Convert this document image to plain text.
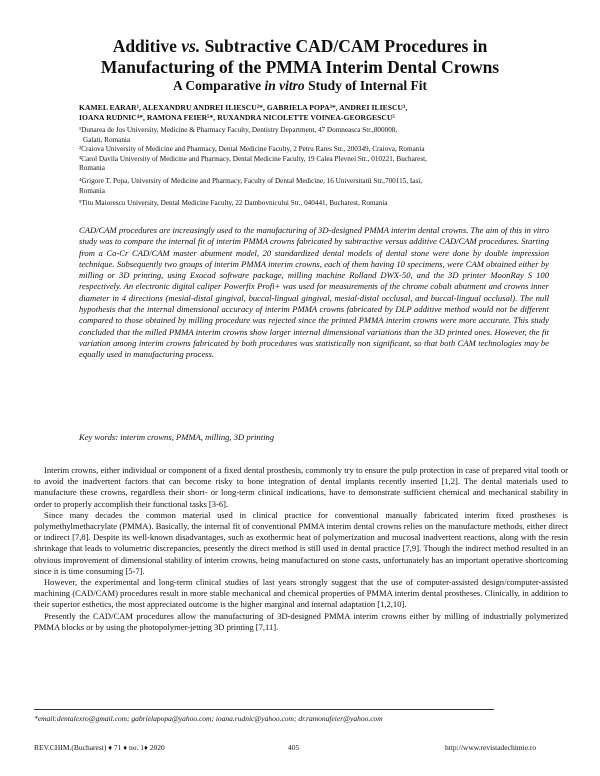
Additive vs. Subtractive CAD/CAM Procedures in
Manufacturing of the PMMA Interim Dental Crowns
A Comparative in vitro Study of Internal Fit
KAMEL EARAR¹, ALEXANDRU ANDREI ILIESCU²*, GABRIELA POPA³*, ANDREI ILIESCU³,
IOANA RUDNIC⁴*, RAMONA FEIER⁵*, RUXANDRA NICOLETTE VOINEA-GEORGESCU⁵
¹Dunarea de Jos University, Medicine & Pharmacy Faculty, Dentistry Department, 47 Domneasca Str.,800008,
Galati, Romania
²Craiova University of Medicine and Pharmacy, Dental Medicine Faculty, 2 Petru Rares Str., 200349, Craiova, Romania
³Carol Davila University of Medicine and Pharmacy, Dental Medicine Faculty, 19 Calea Plevnei Str., 010221, Bucharest,
Romania
⁴Grigore T. Popa, University of Medicine and Pharmacy, Faculty of Dental Medicine, 16 Universitatii Str.,700115, Iasi,
Romania
⁵Titu Maiorescu University, Dental Medicine Faculty, 22 Dambovnicului Str., 040441, Bucharest, Romania
CAD/CAM procedures are increasingly used to the manufacturing of 3D-designed PMMA interim dental crowns. The aim of this in vitro study was to compare the internal fit of interim PMMA crowns fabricated by subtractive versus additive CAD/CAM procedures. Starting from a Co-Cr CAD/CAM master abutment model, 20 standardized dental models of dental stone were done by double impression technique. Subsequently two groups of interim PMMA interim crowns, each of them having 10 specimens, were CAM obtained either by milling or 3D printing, using Exocad software package, milling machine Rolland DWX-50, and the 3D printer MoonRay S 100 respectively. An electronic digital caliper Powerfix Profi+ was used for measurements of the chrome cobalt abutment and crowns inner diameter in 4 directions (mesial-distal gingival, buccal-lingual gingival, mesial-distal occlusal, and buccal-lingual occlusal). The null hypothesis that the internal dimensional accuracy of interim PMMA crowns fabricated by DLP additive method would not be different compared to those obtained by milling procedure was rejected since the printed PMMA interim crowns were more accurate. This study concluded that the milled PMMA interim crowns show larger internal dimensional variations than the 3D printed ones. However, the fit variation among interim crowns fabricated by both procedures was statistically non significant, so that both CAM technologies may be equally used in manufacturing process.
Key words: interim crowns, PMMA, milling, 3D printing

Interim crowns, either individual or component of a fixed dental prosthesis, commonly try to ensure the pulp protection in case of prepared vital tooth or to avoid the inadvertent factors that can become risky to bone integration of dental implants recently inserted [1,2]. The dental materials used to manufacture these crowns, regardless their short- or long-term clinical indications, have to demonstrate sufficient chemical and mechanical stability in order to properly accomplish their functional tasks [3-6].

Since many decades the common material used in clinical practice for conventional manually fabricated interim fixed prostheses is polymethylmethacrylate (PMMA). Basically, the internal fit of conventional PMMA interim dental crowns relies on the manufacture methods, either direct or indirect [7,8]. Despite its well-known disadvantages, such as exothermic heat of polymerization and mucosal inadvertent reactions, along with the resin shrinkage that leads to volumetric discrepancies, presently the direct method is still used in dental practice [7,9]. Though the indirect method resulted in an obvious improvement of dimensional stability of interim crowns, being manufactured on stone casts, unfortunately has an important operative shortcoming since it is time consuming [5-7].

However, the experimental and long-term clinical studies of last years strongly suggest that the use of computer-assisted design/computer-assisted machining (CAD/CAM) procedures result in more stable mechanical and chemical properties of PMMA interim dental prostheses. Clinically, in addition to their superior esthetics, the most appreciated outcome is the higher marginal and internal adaptation [1,2,10].

Presently the CAD/CAM procedures allow the manufacturing of 3D-designed PMMA interim crowns either by milling of industrially polymerized PMMA blocks or by using the photopolymer-jetting 3D printing [7,11].

*email:dentalexro@gmail.com; gabrielapopa@yahoo.com; ioana.rudnic@yahoo.com; dr.ramonafeier@yahoo.com
REV.CHIM.(Bucharest) ♦ 71 ♦ no. 1♦ 2020	405	http://www.revistadechimie.ro
